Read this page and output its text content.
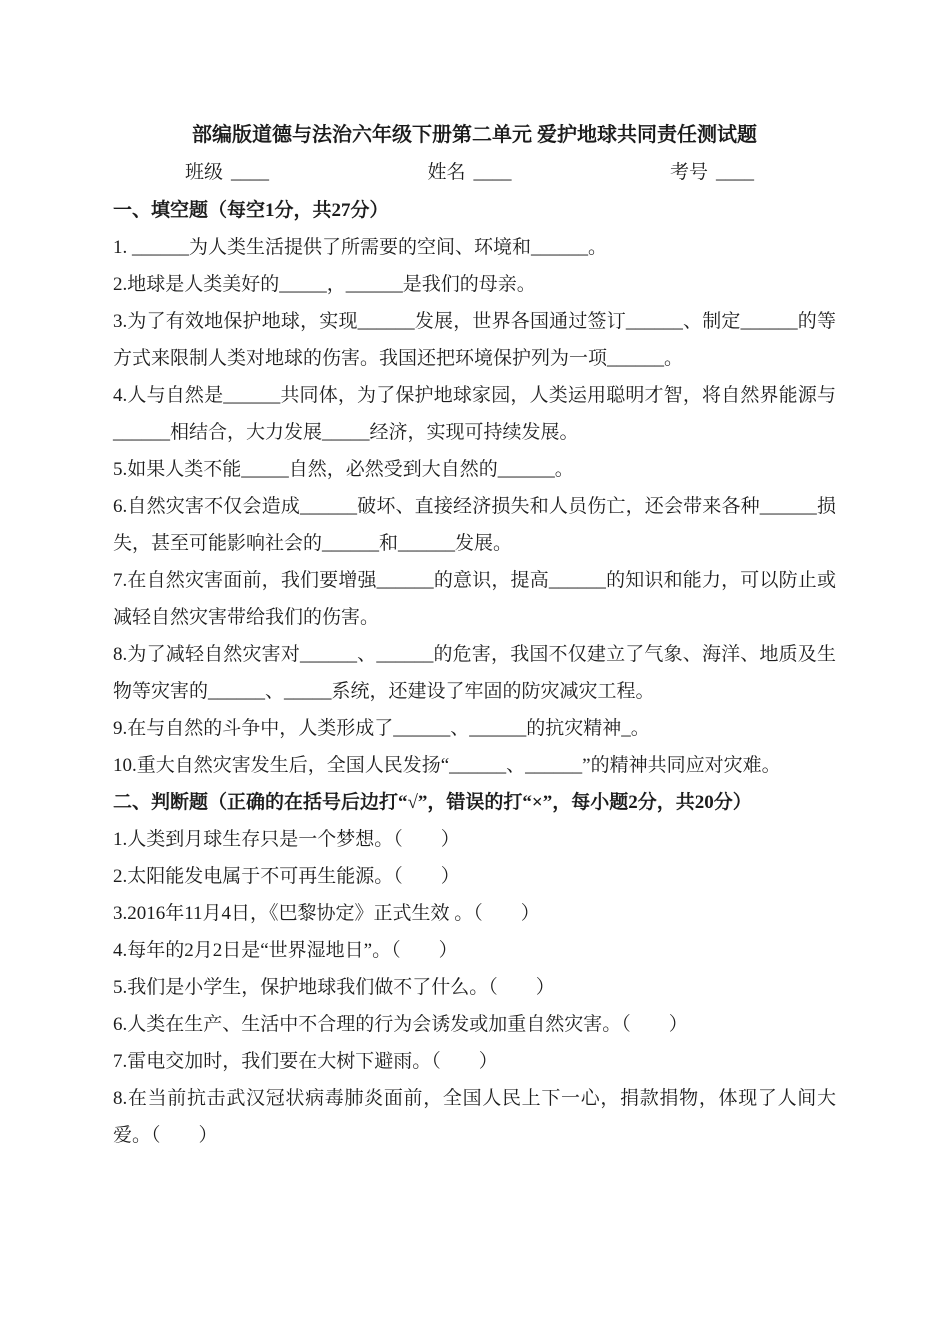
部编版道德与法治六年级下册第二单元 爱护地球共同责任测试题

班级 ____	姓名 ____	考号 ____

一、填空题（每空1分，共27分）

1. ______为人类生活提供了所需要的空间、环境和______。

2.地球是人类美好的_____，______是我们的母亲。

3.为了有效地保护地球，实现______发展，世界各国通过签订______、制定______的等方式来限制人类对地球的伤害。我国还把环境保护列为一项______。

4.人与自然是______共同体，为了保护地球家园，人类运用聪明才智，将自然界能源与______相结合，大力发展_____经济，实现可持续发展。

5.如果人类不能_____自然，必然受到大自然的______。

6.自然灾害不仅会造成______破坏、直接经济损失和人员伤亡，还会带来各种______损失，甚至可能影响社会的______和______发展。

7.在自然灾害面前，我们要增强______的意识，提高______的知识和能力，可以防止或减轻自然灾害带给我们的伤害。

8.为了减轻自然灾害对______、______的危害，我国不仅建立了气象、海洋、地质及生物等灾害的______、_____系统，还建设了牢固的防灾减灾工程。

9.在与自然的斗争中，人类形成了______、______的抗灾精神_。

10.重大自然灾害发生后，全国人民发扬“______、______”的精神共同应对灾难。

二、判断题（正确的在括号后边打“√”，错误的打“×”，每小题2分，共20分）

1.人类到月球生存只是一个梦想。（　　）

2.太阳能发电属于不可再生能源。（　　）

3.2016年11月4日，《巴黎协定》正式生效 。（　　）

4.每年的2月2日是“世界湿地日”。（　　）

5.我们是小学生，保护地球我们做不了什么。（　　）

6.人类在生产、生活中不合理的行为会诱发或加重自然灾害。（　　）

7.雷电交加时，我们要在大树下避雨。（　　）

8.在当前抗击武汉冠状病毒肺炎面前，全国人民上下一心，捐款捐物，体现了人间大爱。（　　）
